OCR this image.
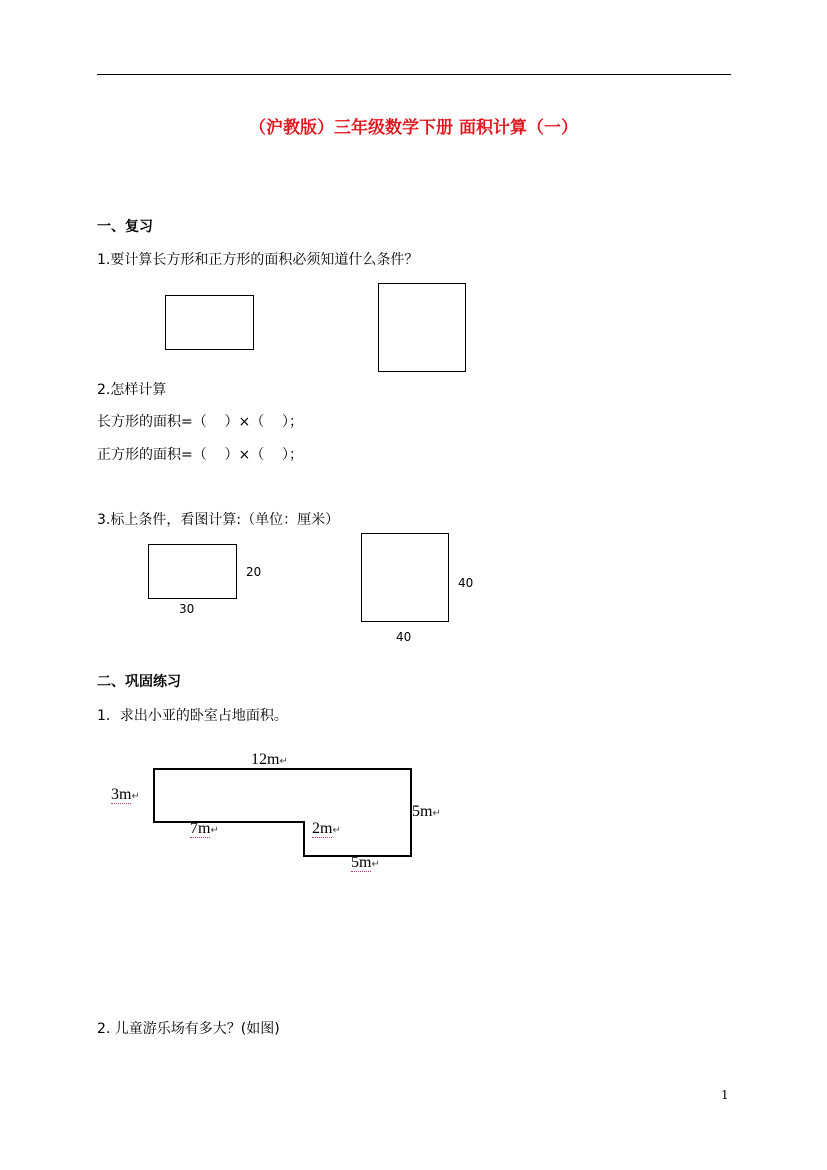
（沪教版）三年级数学下册 面积计算（一）
一、复习
1.要计算长方形和正方形的面积必须知道什么条件？
2.怎样计算
长方形的面积=（    ）×（    ）；
正方形的面积=（    ）×（    ）；
3.标上条件，看图计算:（单位：厘米）
20
30
40
40
二、巩固练习
1．求出小亚的卧室占地面积。
12m↵
3m↵
5m↵
7m↵	2m↵
5m↵
2. 儿童游乐场有多大？(如图)
1
